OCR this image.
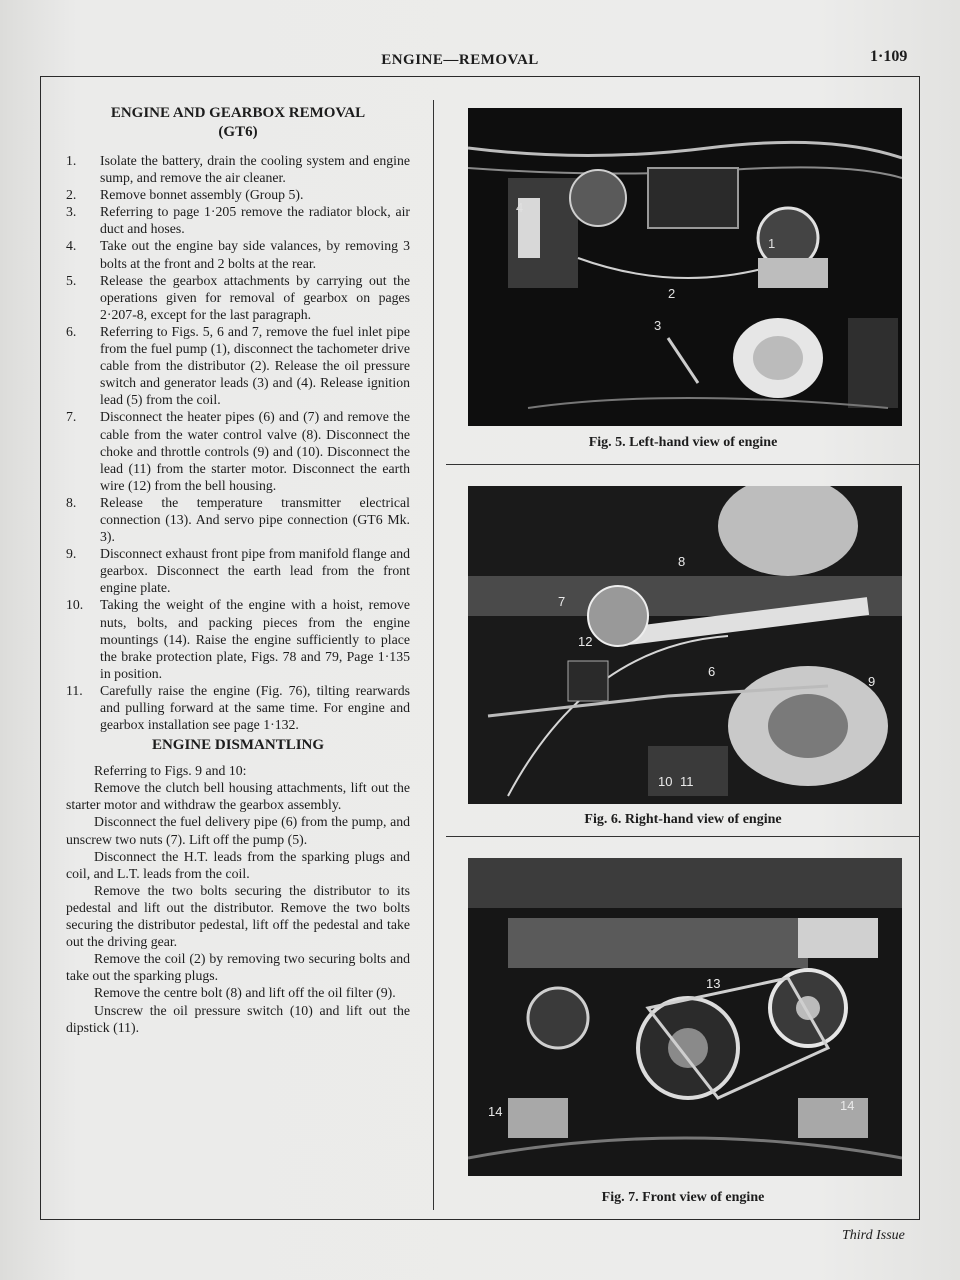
ENGINE—REMOVAL	1·109
ENGINE AND GEARBOX REMOVAL
(GT6)
1.	Isolate the battery, drain the cooling system and engine sump, and remove the air cleaner.
2.	Remove bonnet assembly (Group 5).
3.	Referring to page 1·205 remove the radiator block, air duct and hoses.
4.	Take out the engine bay side valances, by removing 3 bolts at the front and 2 bolts at the rear.
5.	Release the gearbox attachments by carrying out the operations given for removal of gearbox on pages 2·207-8, except for the last paragraph.
6.	Referring to Figs. 5, 6 and 7, remove the fuel inlet pipe from the fuel pump (1), disconnect the tachometer drive cable from the distributor (2). Release the oil pressure switch and generator leads (3) and (4). Release ignition lead (5) from the coil.
7.	Disconnect the heater pipes (6) and (7) and remove the cable from the water control valve (8). Disconnect the choke and throttle controls (9) and (10). Disconnect the lead (11) from the starter motor. Disconnect the earth wire (12) from the bell housing.
8.	Release the temperature transmitter electrical connection (13). And servo pipe connection (GT6 Mk. 3).
9.	Disconnect exhaust front pipe from manifold flange and gearbox. Disconnect the earth lead from the front engine plate.
10.	Taking the weight of the engine with a hoist, remove nuts, bolts, and packing pieces from the engine mountings (14). Raise the engine sufficiently to place the brake protection plate, Figs. 78 and 79, Page 1·135 in position.
11.	Carefully raise the engine (Fig. 76), tilting rearwards and pulling forward at the same time. For engine and gearbox installation see page 1·132.
ENGINE DISMANTLING

Referring to Figs. 9 and 10:

Remove the clutch bell housing attachments, lift out the starter motor and withdraw the gearbox assembly.

Disconnect the fuel delivery pipe (6) from the pump, and unscrew two nuts (7). Lift off the pump (5).

Disconnect the H.T. leads from the sparking plugs and coil, and L.T. leads from the coil.

Remove the two bolts securing the distributor to its pedestal and lift out the distributor. Remove the two bolts securing the distributor pedestal, lift off the pedestal and take out the driving gear.

Remove the coil (2) by removing two securing bolts and take out the sparking plugs.

Remove the centre bolt (8) and lift off the oil filter (9).

Unscrew the oil pressure switch (10) and lift out the dipstick (11).

4
1
2
3
Fig. 5. Left-hand view of engine
8
7
12
6
9
10 11
Fig. 6. Right-hand view of engine
13
14	14
Fig. 7. Front view of engine
Third Issue
